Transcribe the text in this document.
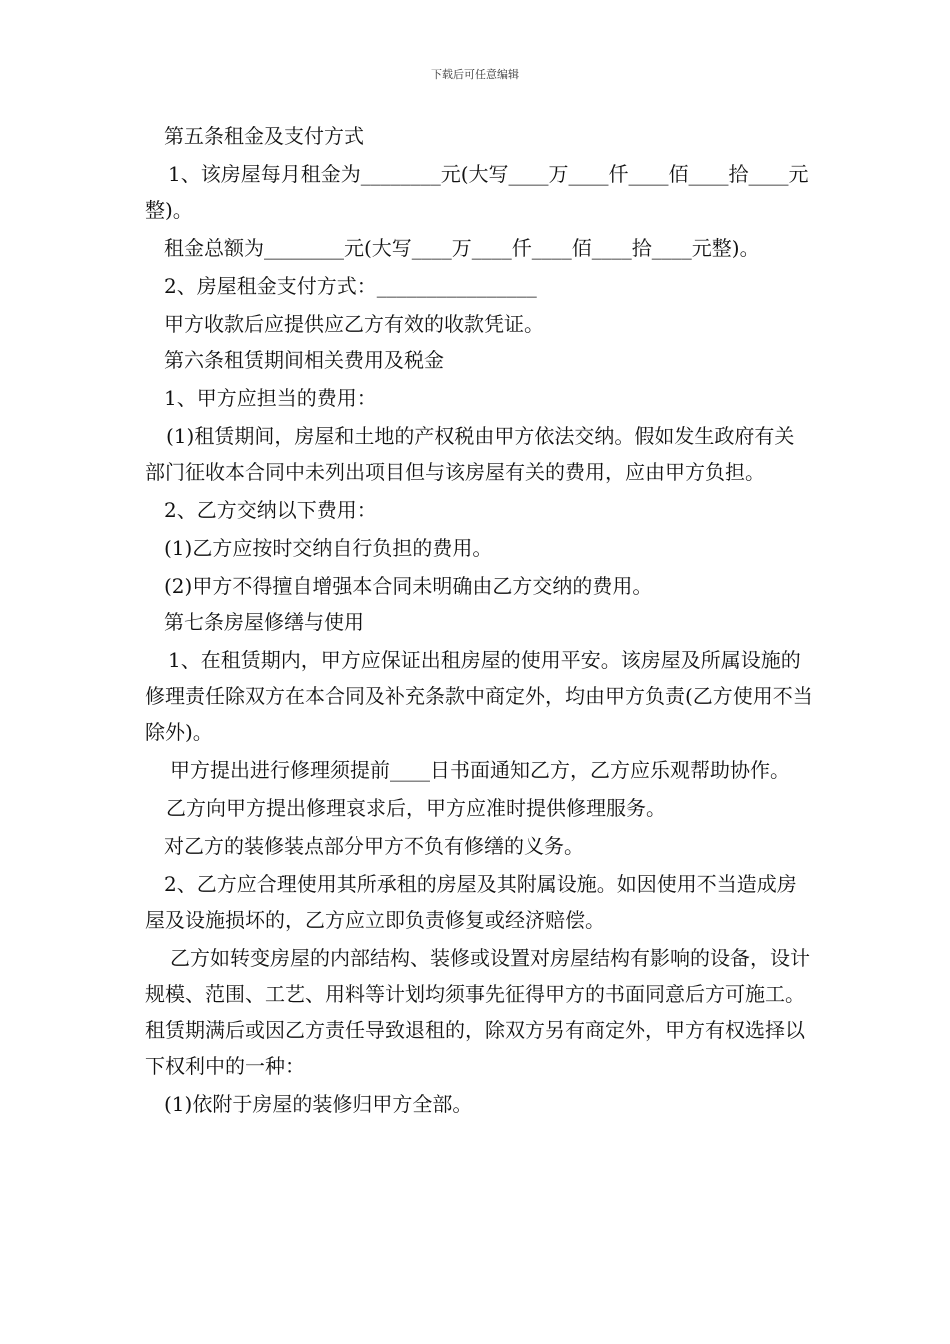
下载后可任意编辑

第五条租金及支付方式

1、该房屋每月租金为________元(大写____万____仟____佰____拾____元整)。

租金总额为________元(大写____万____仟____佰____拾____元整)。

2、房屋租金支付方式：________________

甲方收款后应提供应乙方有效的收款凭证。

第六条租赁期间相关费用及税金

1、甲方应担当的费用：

(1)租赁期间，房屋和土地的产权税由甲方依法交纳。假如发生政府有关部门征收本合同中未列出项目但与该房屋有关的费用，应由甲方负担。

2、乙方交纳以下费用：

(1)乙方应按时交纳自行负担的费用。

(2)甲方不得擅自增强本合同未明确由乙方交纳的费用。

第七条房屋修缮与使用

1、在租赁期内，甲方应保证出租房屋的使用平安。该房屋及所属设施的修理责任除双方在本合同及补充条款中商定外，均由甲方负责(乙方使用不当除外)。

甲方提出进行修理须提前____日书面通知乙方，乙方应乐观帮助协作。

乙方向甲方提出修理哀求后，甲方应准时提供修理服务。

对乙方的装修装点部分甲方不负有修缮的义务。

2、乙方应合理使用其所承租的房屋及其附属设施。如因使用不当造成房屋及设施损坏的，乙方应立即负责修复或经济赔偿。

乙方如转变房屋的内部结构、装修或设置对房屋结构有影响的设备，设计规模、范围、工艺、用料等计划均须事先征得甲方的书面同意后方可施工。租赁期满后或因乙方责任导致退租的，除双方另有商定外，甲方有权选择以下权利中的一种：

(1)依附于房屋的装修归甲方全部。
